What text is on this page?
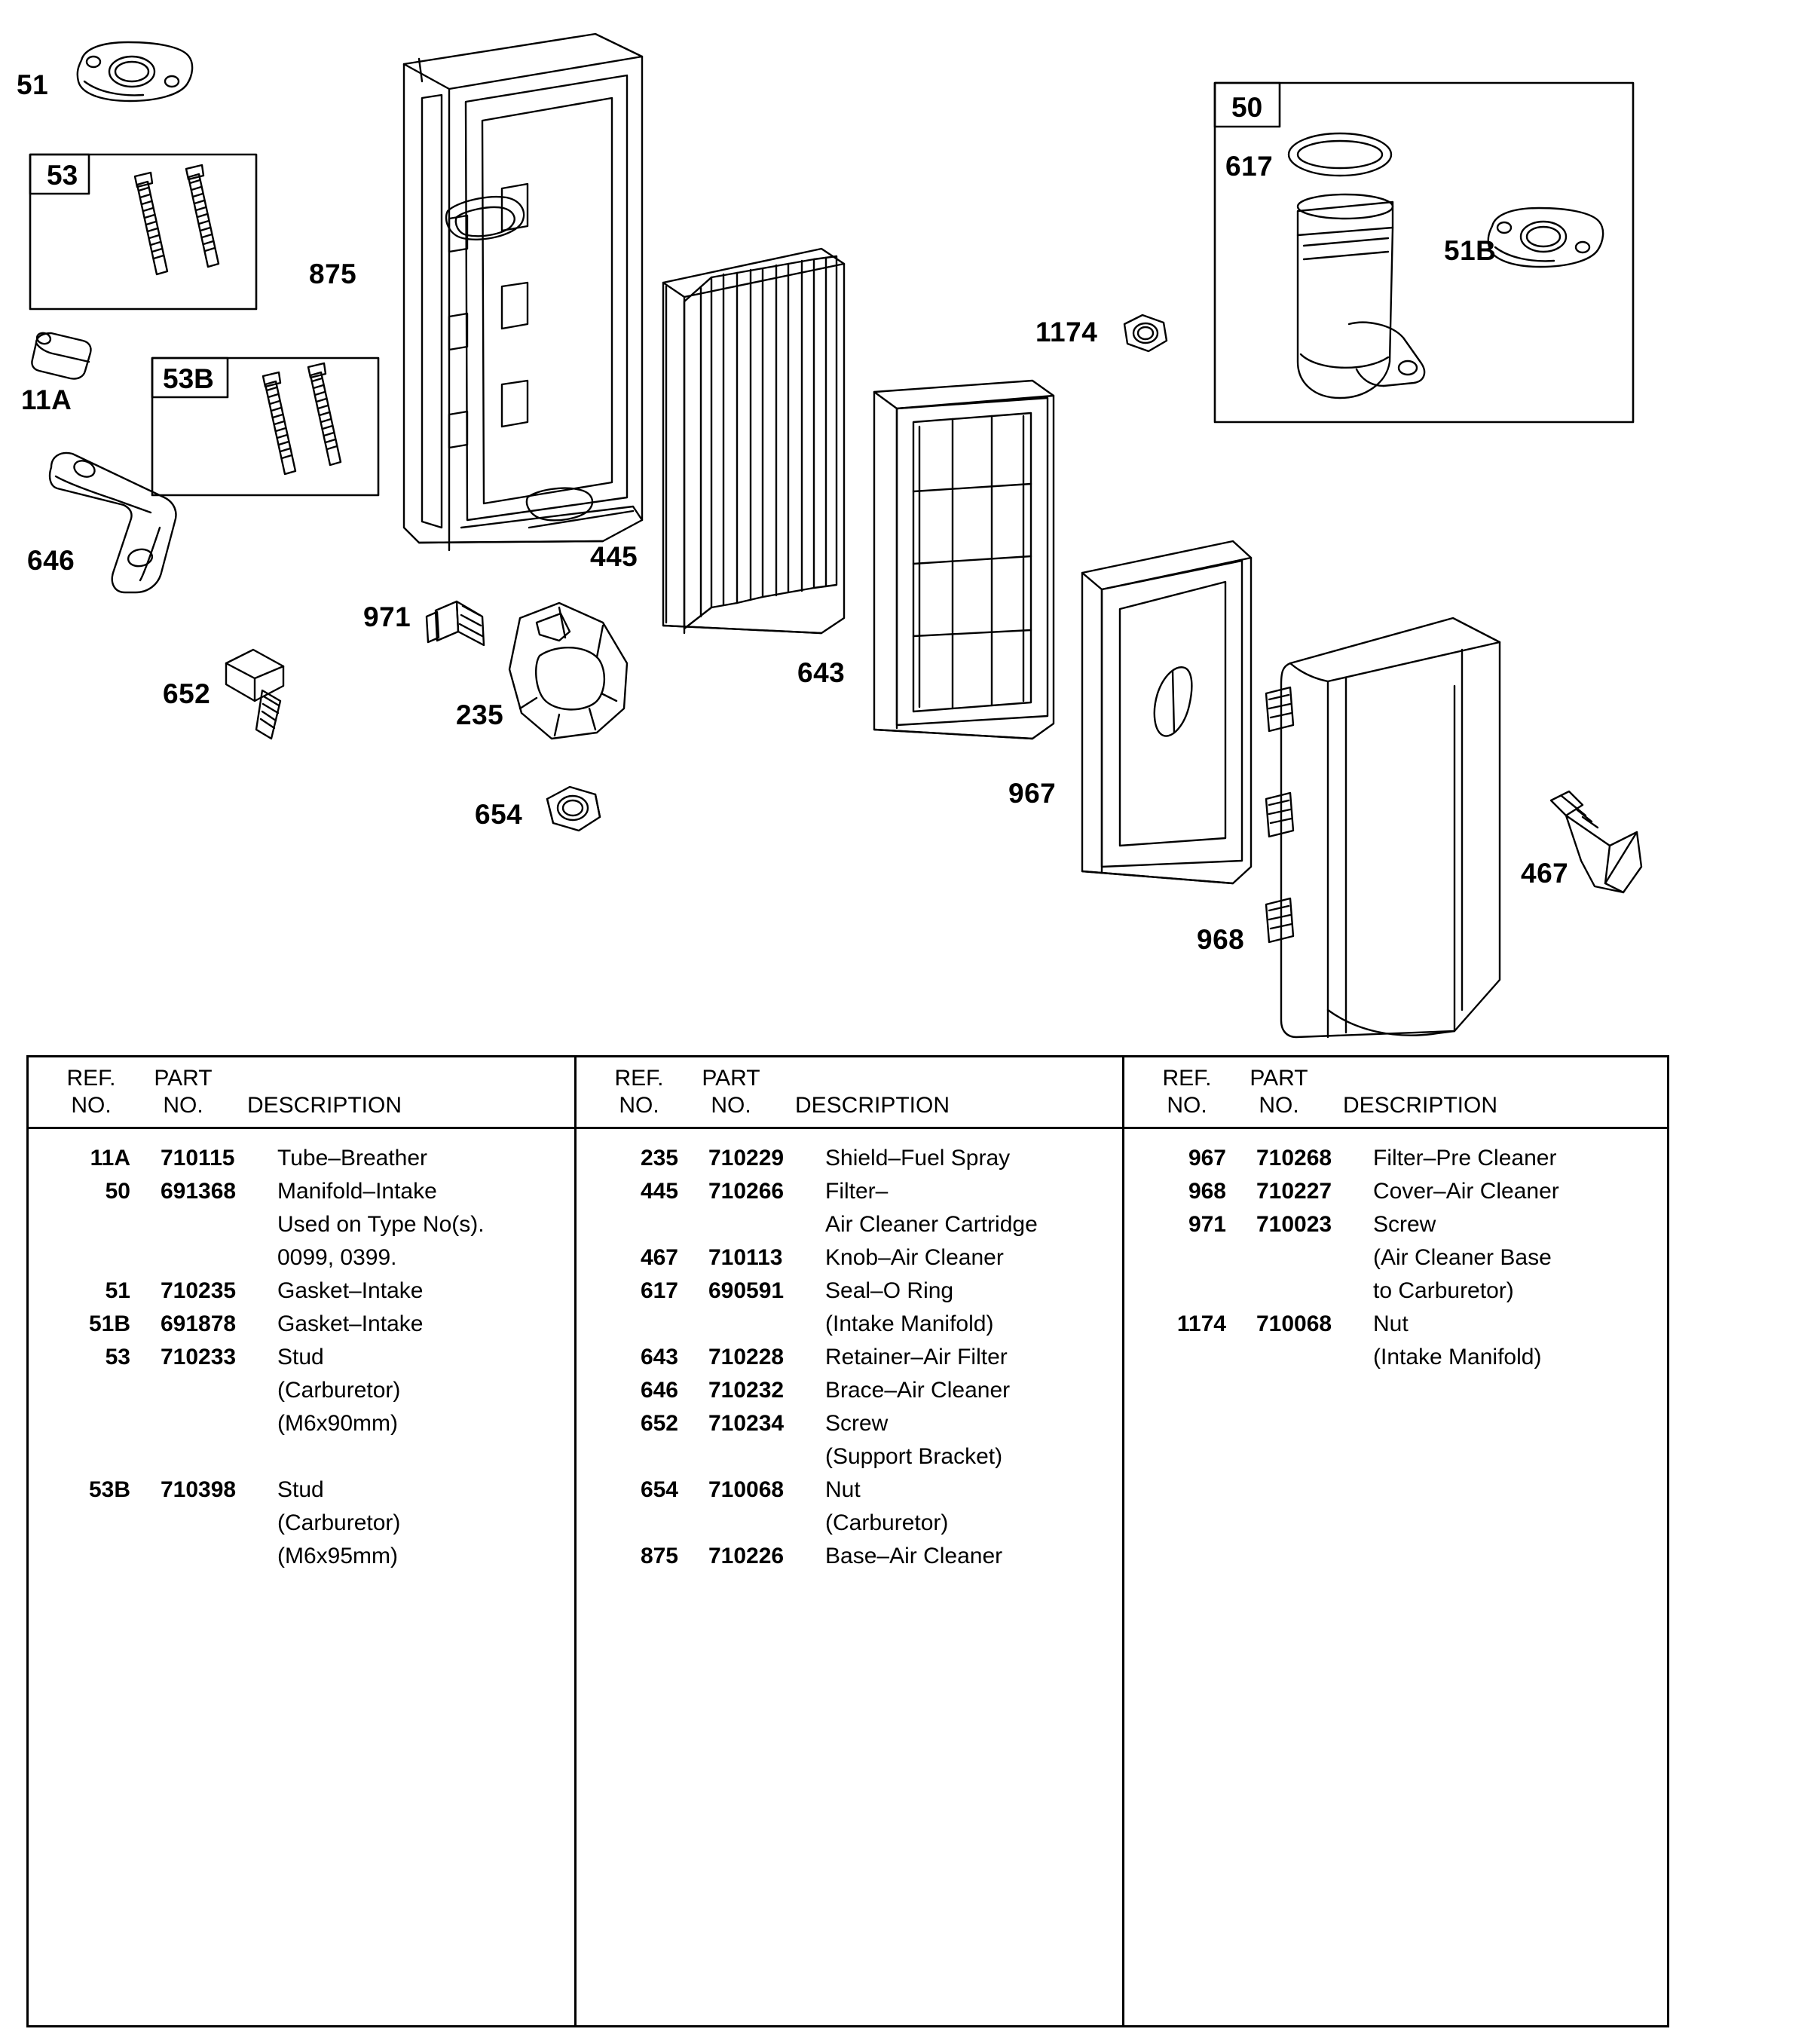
51
53
875
11A
53B
646
652
971
235
654
445
643
1174
967
968
467
50
617
51B
REF.
NO.
PART
NO.	DESCRIPTION
11A 710115	Tube–Breather
50 691368	Manifold–Intake
Used on Type No(s).
0099, 0399.
51 710235	Gasket–Intake
51B 691878	Gasket–Intake
53 710233	Stud
(Carburetor)
(M6x90mm)
53B 710398	Stud
(Carburetor)
(M6x95mm)
REF.
NO.
PART
NO.	DESCRIPTION
235 710229	Shield–Fuel Spray
445 710266	Filter–
Air Cleaner Cartridge
467 710113	Knob–Air Cleaner
617 690591	Seal–O Ring
(Intake Manifold)
643 710228	Retainer–Air Filter
646 710232	Brace–Air Cleaner
652 710234	Screw
(Support Bracket)
654 710068	Nut
(Carburetor)
875 710226	Base–Air Cleaner
REF.
NO.
PART
NO.	DESCRIPTION
967 710268	Filter–Pre Cleaner
968 710227	Cover–Air Cleaner
971 710023	Screw
(Air Cleaner Base
to Carburetor)
1174 710068	Nut
(Intake Manifold)
